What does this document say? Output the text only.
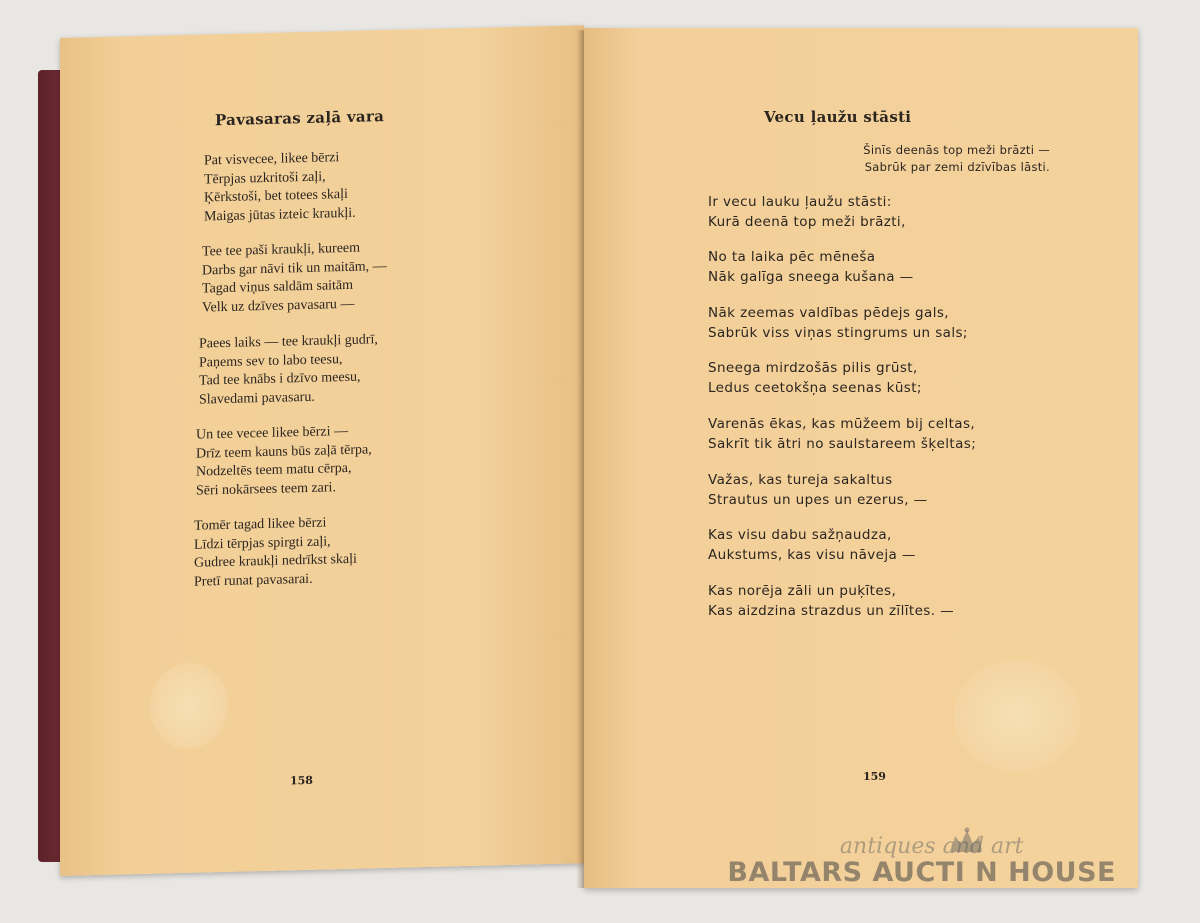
Pavasaras zaļā vara
Pat visvecee, likee bērzi
Tērpjas uzkritoši zaļi,
Ķērkstoši, bet totees skaļi
Maigas jūtas izteic kraukļi.
Tee tee paši kraukļi, kureem
Darbs gar nāvi tik un maitām, —
Tagad viņus saldām saitām
Velk uz dzīves pavasaru —
Paees laiks — tee kraukļi gudrī,
Paņems sev to labo teesu,
Tad tee knābs i dzīvo meesu,
Slavedami pavasaru.
Un tee vecee likee bērzi —
Drīz teem kauns būs zaļā tērpa,
Nodzeltēs teem matu cērpa,
Sēri nokārsees teem zari.
Tomēr tagad likee bērzi
Līdzi tērpjas spirgti zaļi,
Gudree kraukļi nedrīkst skaļi
Pretī runat pavasarai.
158
Vecu ļaužu stāsti
Šinīs deenās top meži brāzti —
Sabrūk par zemi dzīvības lāsti.
Ir vecu lauku ļaužu stāsti:
Kurā deenā top meži brāzti,
No ta laika pēc mēneša
Nāk galīga sneega kušana —
Nāk zeemas valdības pēdejs gals,
Sabrūk viss viņas stingrums un sals;
Sneega mirdzošās pilis grūst,
Ledus ceetokšņa seenas kūst;
Varenās ēkas, kas mūžeem bij celtas,
Sakrīt tik ātri no saulstareem šķeltas;
Važas, kas tureja sakaltus
Strautus un upes un ezerus, —
Kas visu dabu sažņaudza,
Aukstums, kas visu nāveja —
Kas norēja zāli un puķītes,
Kas aizdzina strazdus un zīlītes. —
159
antiques and art
BALTARS AUCTI N HOUSE
